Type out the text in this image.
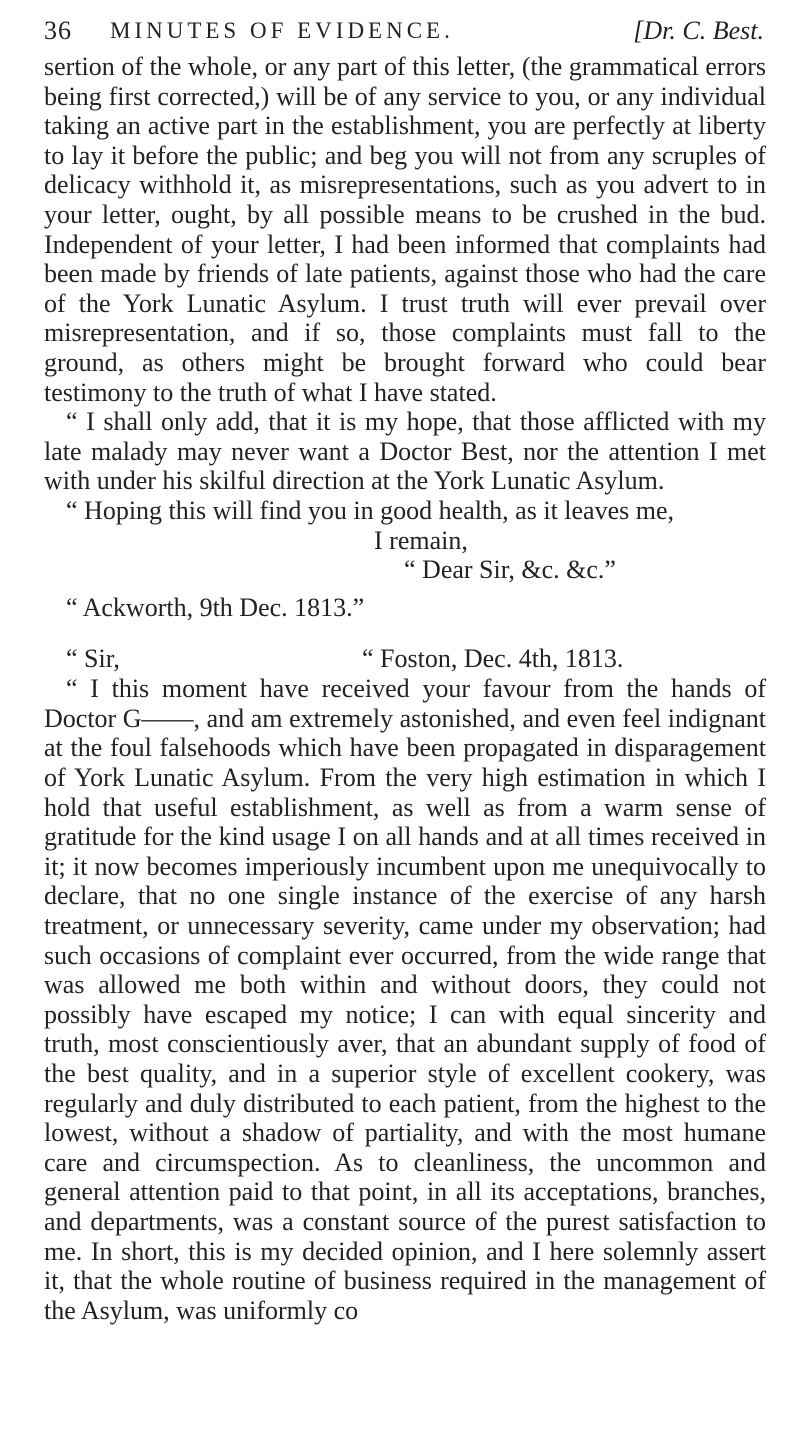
36 MINUTES OF EVIDENCE.	[Dr. C. Best.

sertion of the whole, or any part of this letter, (the grammatical errors being first corrected,) will be of any service to you, or any individual taking an active part in the establishment, you are perfectly at liberty to lay it before the public; and beg you will not from any scruples of delicacy withhold it, as misrepresentations, such as you advert to in your letter, ought, by all possible means to be crushed in the bud. Independent of your letter, I had been informed that complaints had been made by friends of late patients, against those who had the care of the York Lunatic Asylum. I trust truth will ever prevail over misrepresentation, and if so, those complaints must fall to the ground, as others might be brought forward who could bear testimony to the truth of what I have stated.

“ I shall only add, that it is my hope, that those afflicted with my late malady may never want a Doctor Best, nor the attention I met with under his skilful direction at the York Lunatic Asylum.

“ Hoping this will find you in good health, as it leaves me,

I remain,

“ Dear Sir, &c. &c.”

“ Ackworth, 9th Dec. 1813.”

“ Sir,	“ Foston, Dec. 4th, 1813.

“ I this moment have received your favour from the hands of Doctor G——, and am extremely astonished, and even feel indignant at the foul falsehoods which have been propagated in disparagement of York Lunatic Asylum. From the very high estimation in which I hold that useful establishment, as well as from a warm sense of gratitude for the kind usage I on all hands and at all times received in it; it now becomes imperiously incumbent upon me unequivocally to declare, that no one single instance of the exercise of any harsh treatment, or unnecessary severity, came under my observation; had such occasions of complaint ever occurred, from the wide range that was allowed me both within and without doors, they could not possibly have escaped my notice; I can with equal sincerity and truth, most conscientiously aver, that an abundant supply of food of the best quality, and in a superior style of excellent cookery, was regularly and duly distributed to each patient, from the highest to the lowest, without a shadow of partiality, and with the most humane care and circumspection. As to cleanliness, the uncommon and general attention paid to that point, in all its acceptations, branches, and departments, was a constant source of the purest satisfaction to me. In short, this is my decided opinion, and I here solemnly assert it, that the whole routine of business required in the management of the Asylum, was uniformly co
